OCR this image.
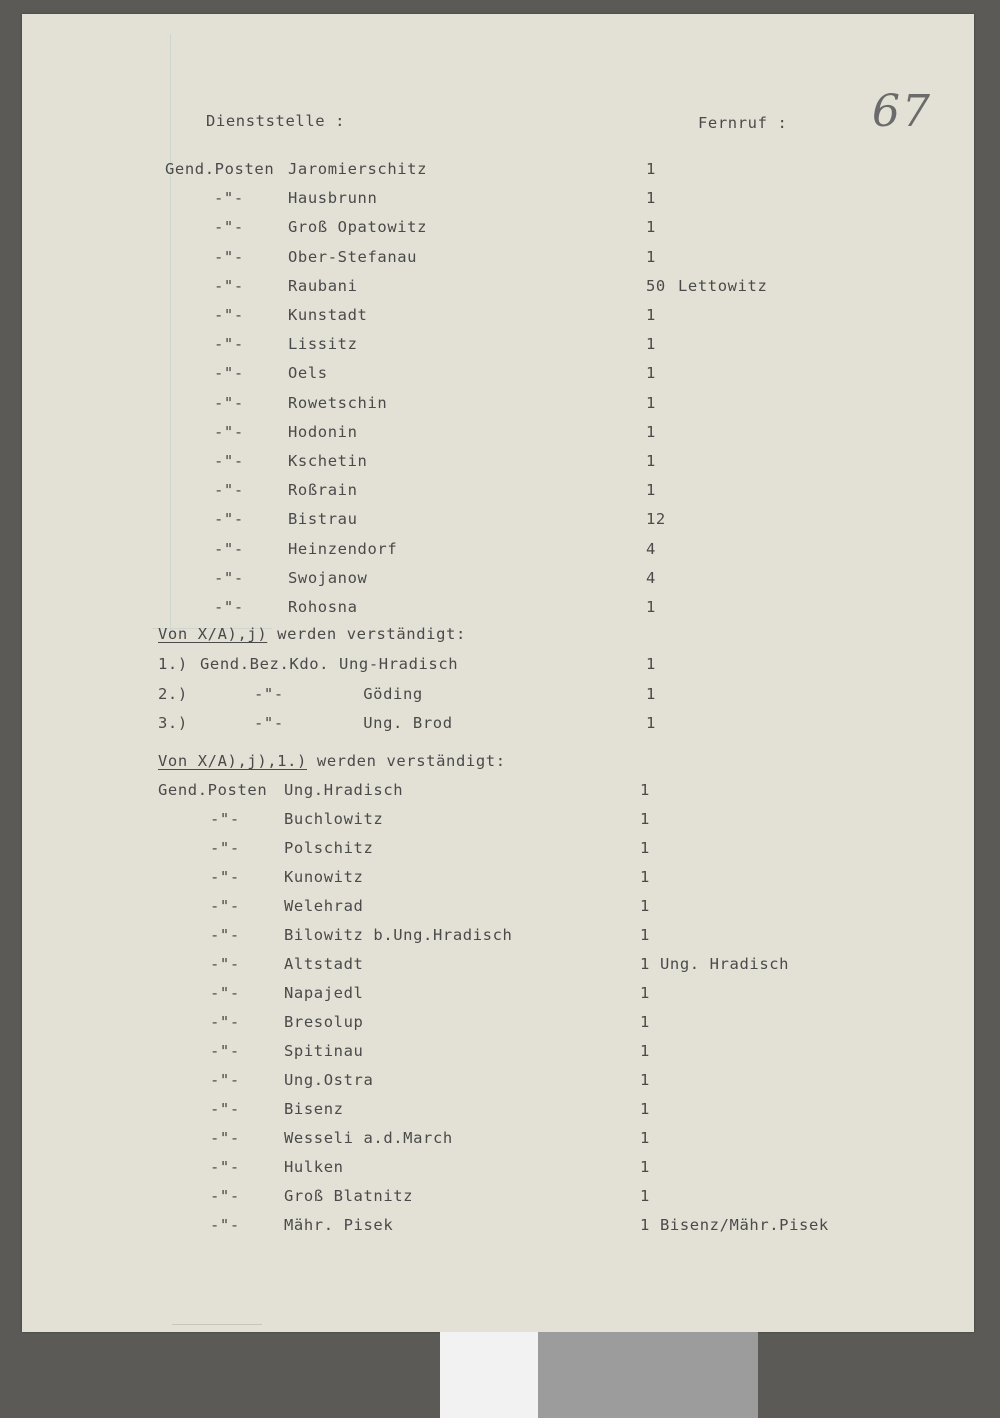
Dienststelle :	Fernruf : 67
Gend.Posten Jaromierschitz	1
-"-	Hausbrunn	1
-"-	Groß Opatowitz	1
-"-	Ober-Stefanau	1
-"-	Raubani	50 Lettowitz
-"-	Kunstadt	1
-"-	Lissitz	1
-"-	Oels	1
-"-	Rowetschin	1
-"-	Hodonin	1
-"-	Kschetin	1
-"-	Roßrain	1
-"-	Bistrau	12
-"-	Heinzendorf	4
-"-	Swojanow	4
-"-	Rohosna	1
Von X/A),j) werden verständigt:
1.) Gend.Bez.Kdo. Ung-Hradisch	1
2.)	-"-        Göding	1
3.)	-"-        Ung. Brod	1
Von X/A),j),1.) werden verständigt:
Gend.Posten Ung.Hradisch	1
-"-	Buchlowitz	1
-"-	Polschitz	1
-"-	Kunowitz	1
-"-	Welehrad	1
-"-	Bilowitz b.Ung.Hradisch	1
-"-	Altstadt	1 Ung. Hradisch
-"-	Napajedl	1
-"-	Bresolup	1
-"-	Spitinau	1
-"-	Ung.Ostra	1
-"-	Bisenz	1
-"-	Wesseli a.d.March	1
-"-	Hulken	1
-"-	Groß Blatnitz	1
-"-	Mähr. Pisek	1 Bisenz/Mähr.Pisek
